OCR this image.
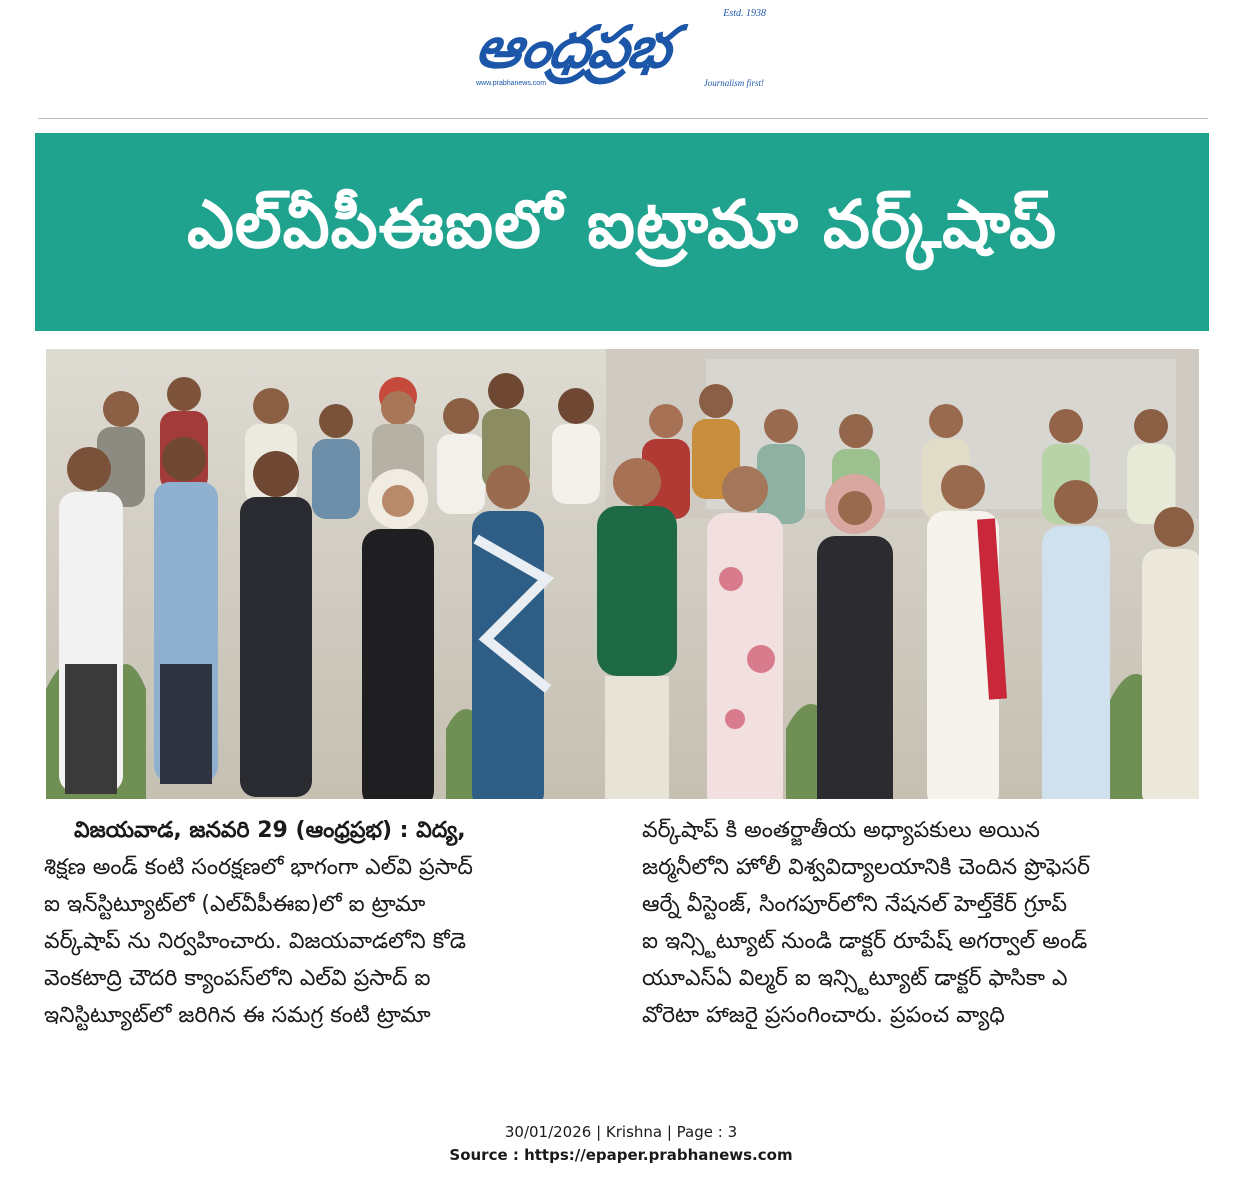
ఆంధ్రప్రభ	Estd. 1938
www.prabhanews.com	Journalism first!
ఎల్‌వీపీఈఐలో ఐట్రామా వర్క్‌షాప్
విజయవాడ, జనవరి 29 (ఆంధ్రప్రభ) : విద్య,
శిక్షణ అండ్ కంటి సంరక్షణలో భాగంగా ఎల్‌వి ప్రసాద్
ఐ ఇన్‌స్టిట్యూట్‌లో (ఎల్‌వీపీఈఐ)లో ఐ ట్రామా
వర్క్‌షాప్ ను నిర్వహించారు. విజయవాడలోని కోడె
వెంకటాద్రి చౌదరి క్యాంపస్‌లోని ఎల్‌వి ప్రసాద్ ఐ
ఇనిస్టిట్యూట్‌లో జరిగిన ఈ సమగ్ర కంటి ట్రామా
వర్క్‌షాప్ కి అంతర్జాతీయ అధ్యాపకులు అయిన
జర్మనీలోని హోలీ విశ్వవిద్యాలయానికి చెందిన ప్రొఫెసర్
ఆర్నే వీస్టెంజ్, సింగపూర్‌లోని నేషనల్ హెల్త్‌కేర్ గ్రూప్
ఐ ఇన్స్టిట్యూట్ నుండి డాక్టర్ రూపేష్ అగర్వాల్ అండ్
యూఎస్ఏ విల్మర్ ఐ ఇన్స్టిట్యూట్ డాక్టర్ ఫాసికా ఎ
వోరెటా హాజరై ప్రసంగించారు. ప్రపంచ వ్యాధి
30/01/2026 | Krishna | Page : 3
Source : https://epaper.prabhanews.com
